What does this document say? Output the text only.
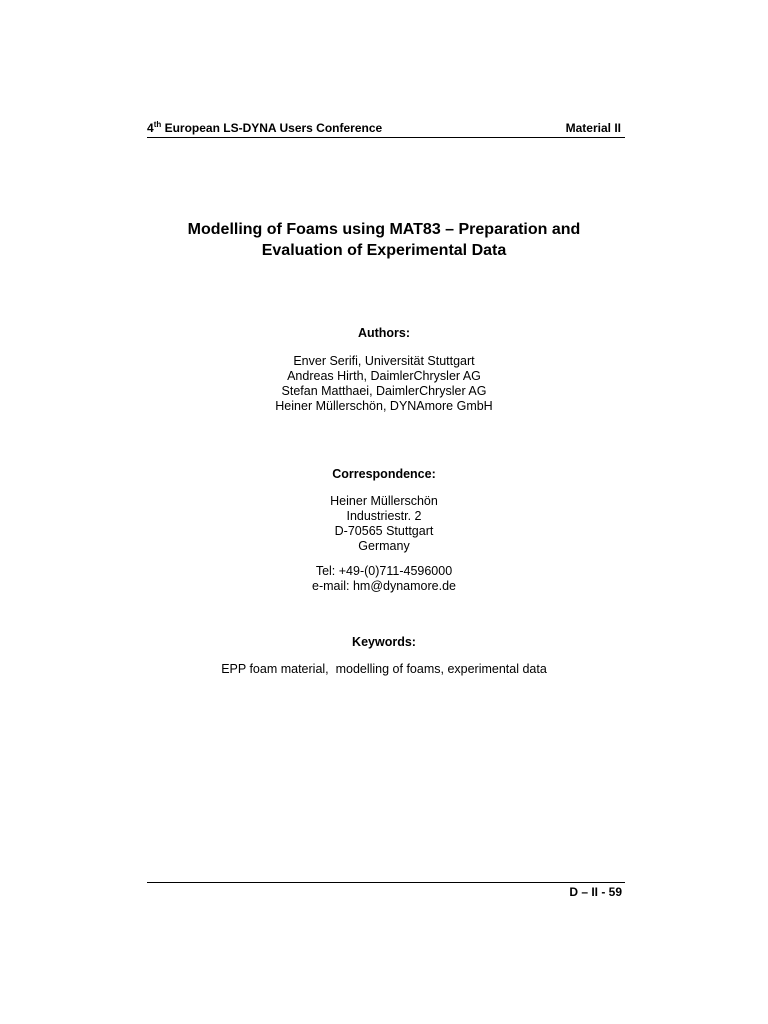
4th European LS-DYNA Users Conference	Material II
Modelling of Foams using MAT83 – Preparation and
Evaluation of Experimental Data
Authors:
Enver Serifi, Universität Stuttgart
Andreas Hirth, DaimlerChrysler AG
Stefan Matthaei, DaimlerChrysler AG
Heiner Müllerschön, DYNAmore GmbH
Correspondence:
Heiner Müllerschön
Industriestr. 2
D-70565 Stuttgart
Germany
Tel: +49-(0)711-4596000
e-mail: hm@dynamore.de
Keywords:
EPP foam material,  modelling of foams, experimental data
D – II - 59
